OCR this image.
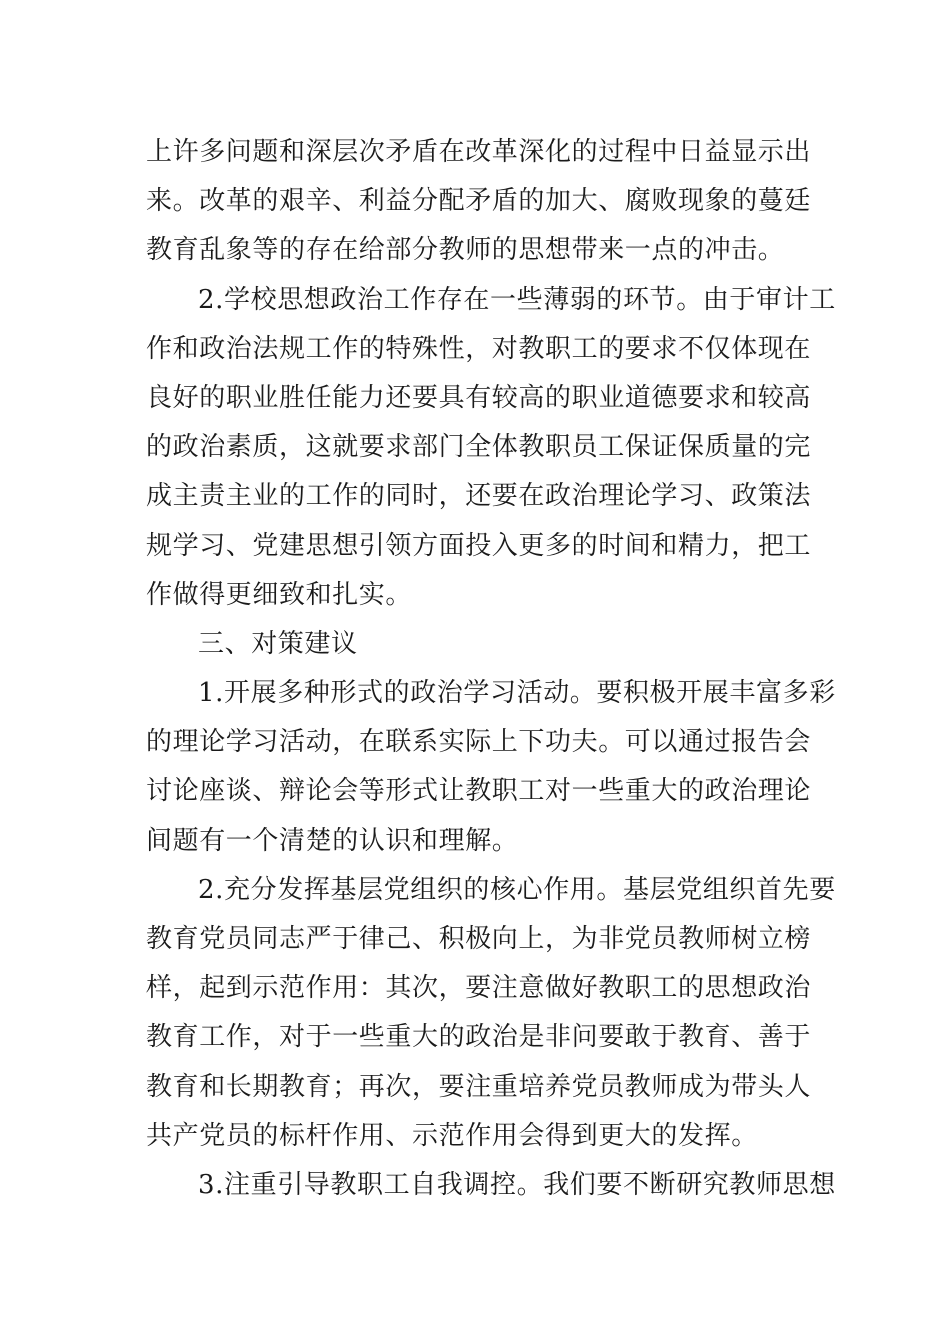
上许多问题和深层次矛盾在改革深化的过程中日益显示出
来。改革的艰辛、利益分配矛盾的加大、腐败现象的蔓廷
教育乱象等的存在给部分教师的思想带来一点的冲击。
2.学校思想政治工作存在一些薄弱的环节。由于审计工
作和政治法规工作的特殊性，对教职工的要求不仅体现在
良好的职业胜任能力还要具有较高的职业道德要求和较高
的政治素质，这就要求部门全体教职员工保证保质量的完
成主责主业的工作的同时，还要在政治理论学习、政策法
规学习、党建思想引领方面投入更多的时间和精力，把工
作做得更细致和扎实。
三、对策建议
1.开展多种形式的政治学习活动。要积极开展丰富多彩
的理论学习活动，在联系实际上下功夫。可以通过报告会
讨论座谈、辩论会等形式让教职工对一些重大的政治理论
间题有一个清楚的认识和理解。
2.充分发挥基层党组织的核心作用。基层党组织首先要
教育党员同志严于律己、积极向上，为非党员教师树立榜
样，起到示范作用：其次，要注意做好教职工的思想政治
教育工作，对于一些重大的政治是非问要敢于教育、善于
教育和长期教育；再次，要注重培养党员教师成为带头人
共产党员的标杆作用、示范作用会得到更大的发挥。
3.注重引导教职工自我调控。我们要不断研究教师思想
